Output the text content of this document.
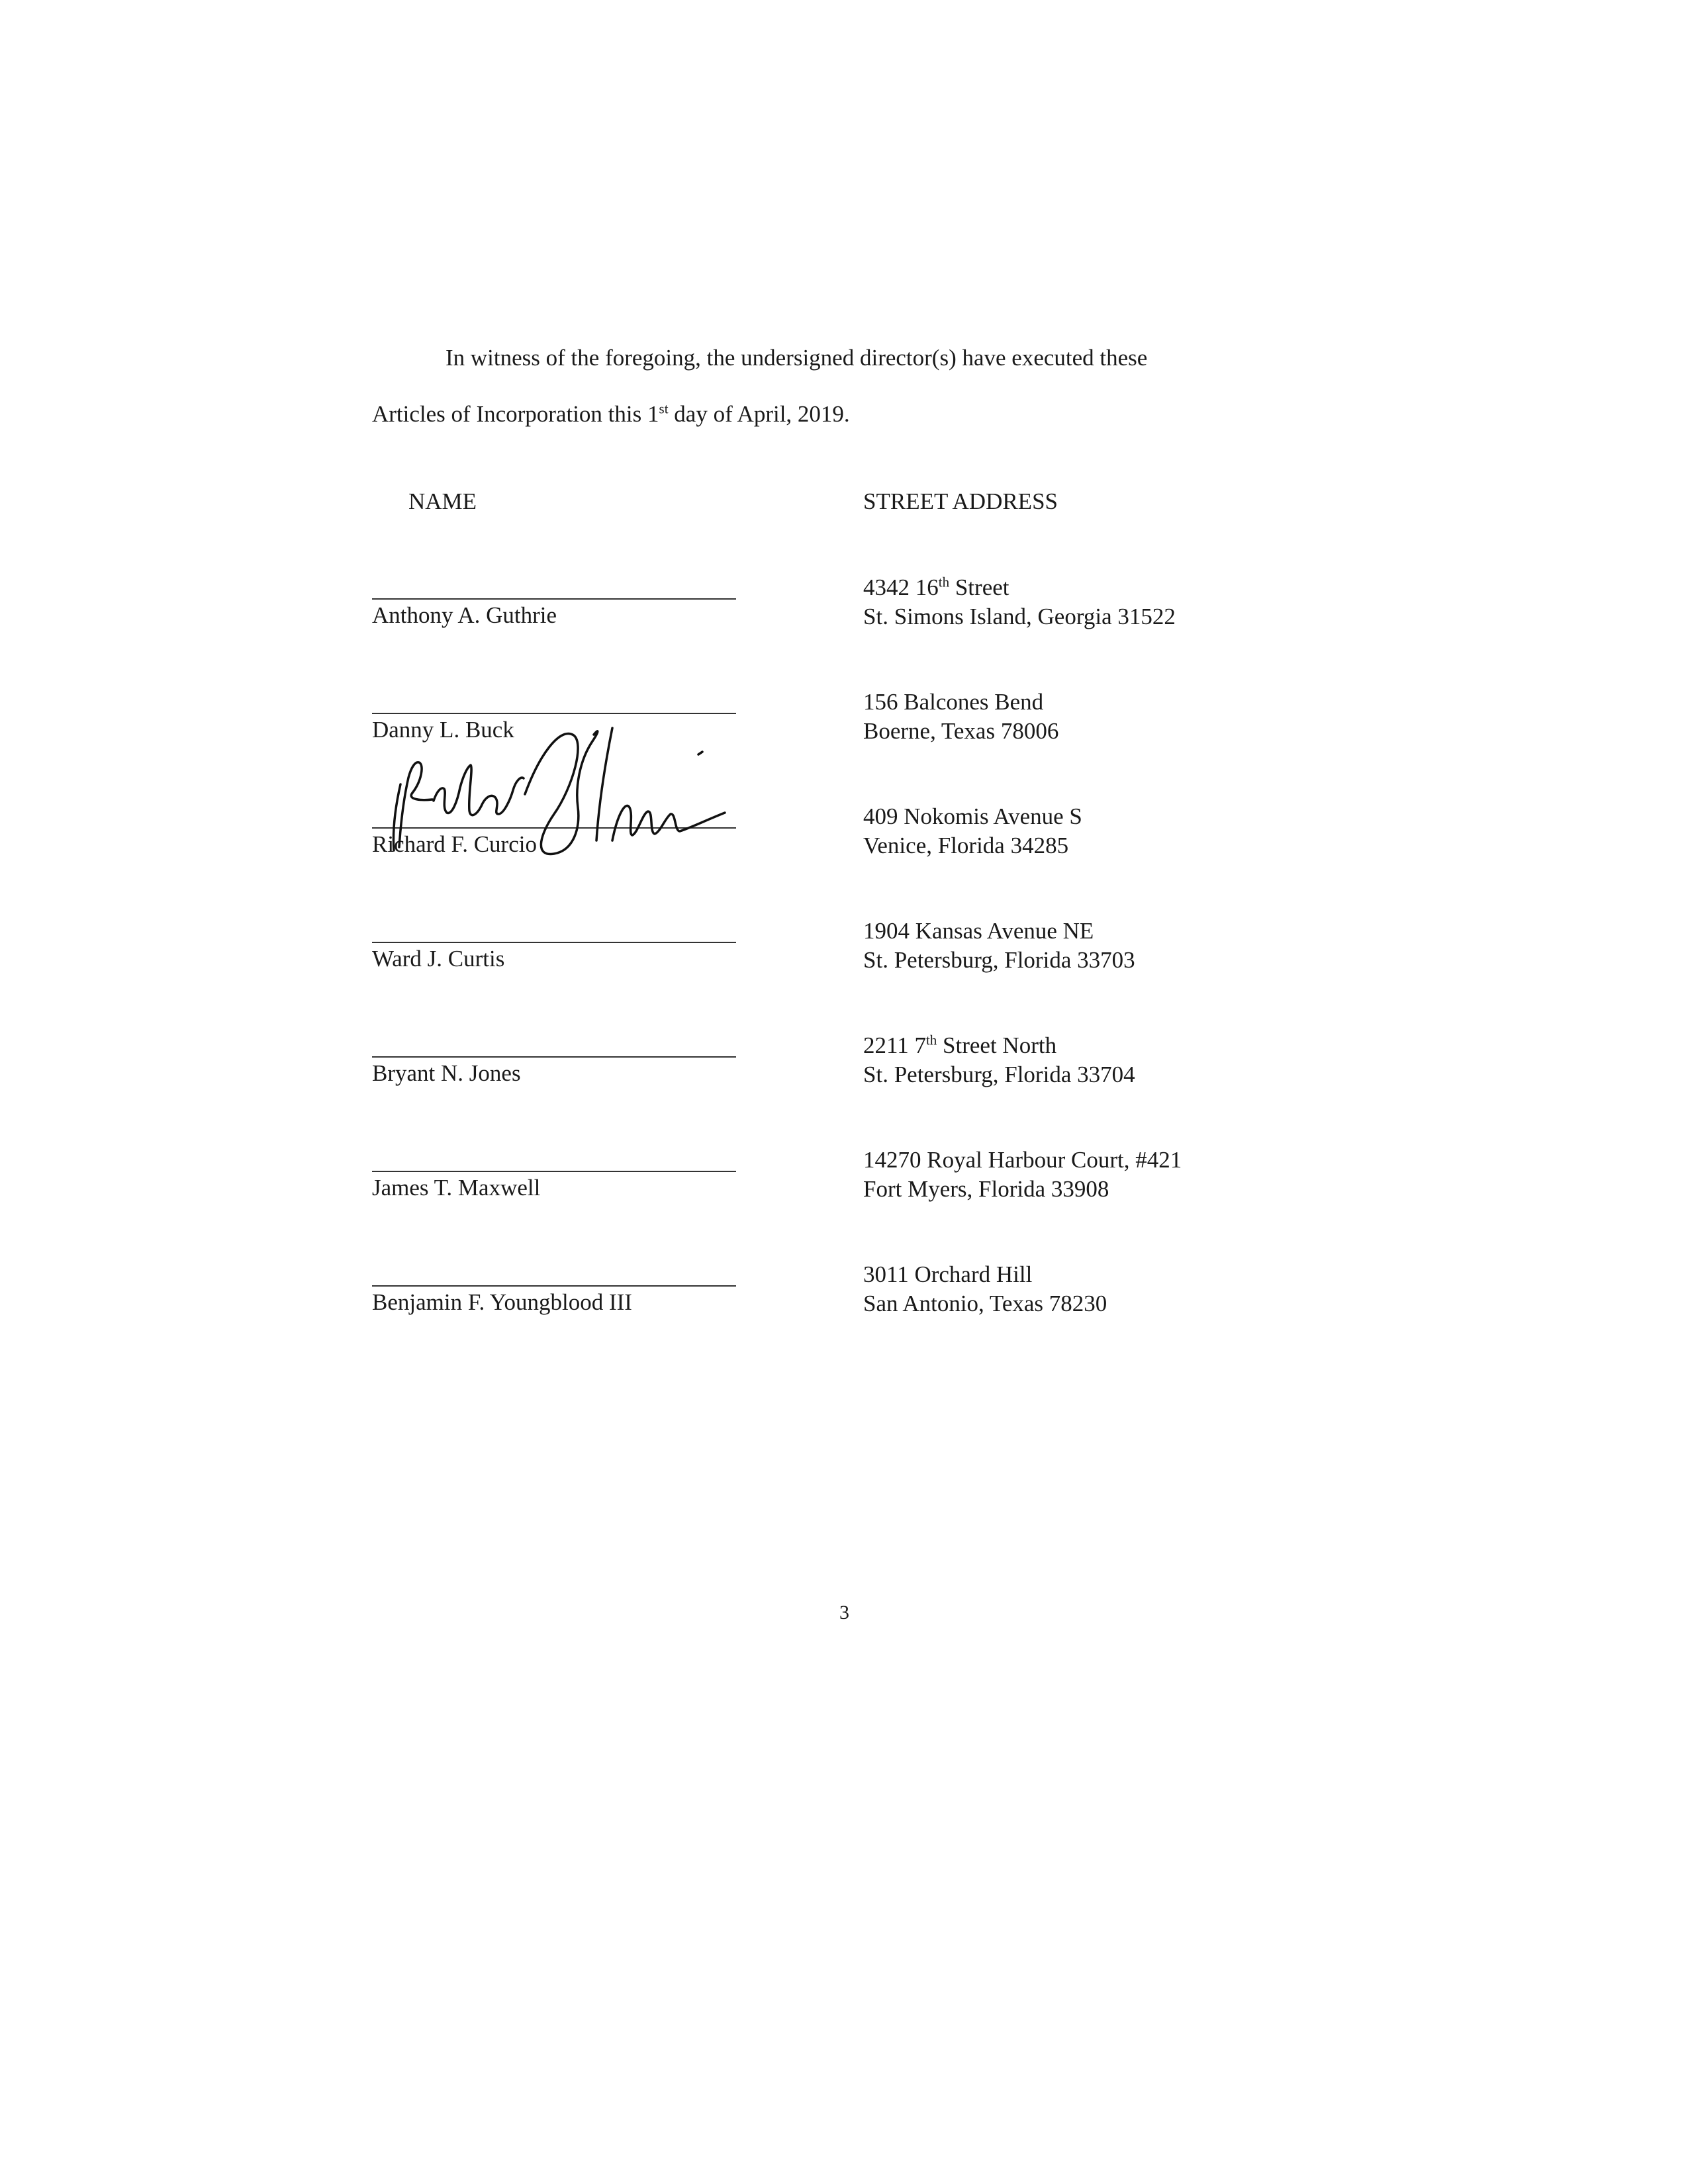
In witness of the foregoing, the undersigned director(s) have executed these
Articles of Incorporation this 1st day of April, 2019.
NAME	STREET ADDRESS
Anthony A. Guthrie
4342 16th Street
St. Simons Island, Georgia 31522
Danny L. Buck
156 Balcones Bend
Boerne, Texas 78006
Richard F. Curcio
409 Nokomis Avenue S
Venice, Florida 34285
Ward J. Curtis
1904 Kansas Avenue NE
St. Petersburg, Florida 33703
Bryant N. Jones
2211 7th Street North
St. Petersburg, Florida 33704
James T. Maxwell
14270 Royal Harbour Court, #421
Fort Myers, Florida 33908
Benjamin F. Youngblood III
3011 Orchard Hill
San Antonio, Texas 78230
3
